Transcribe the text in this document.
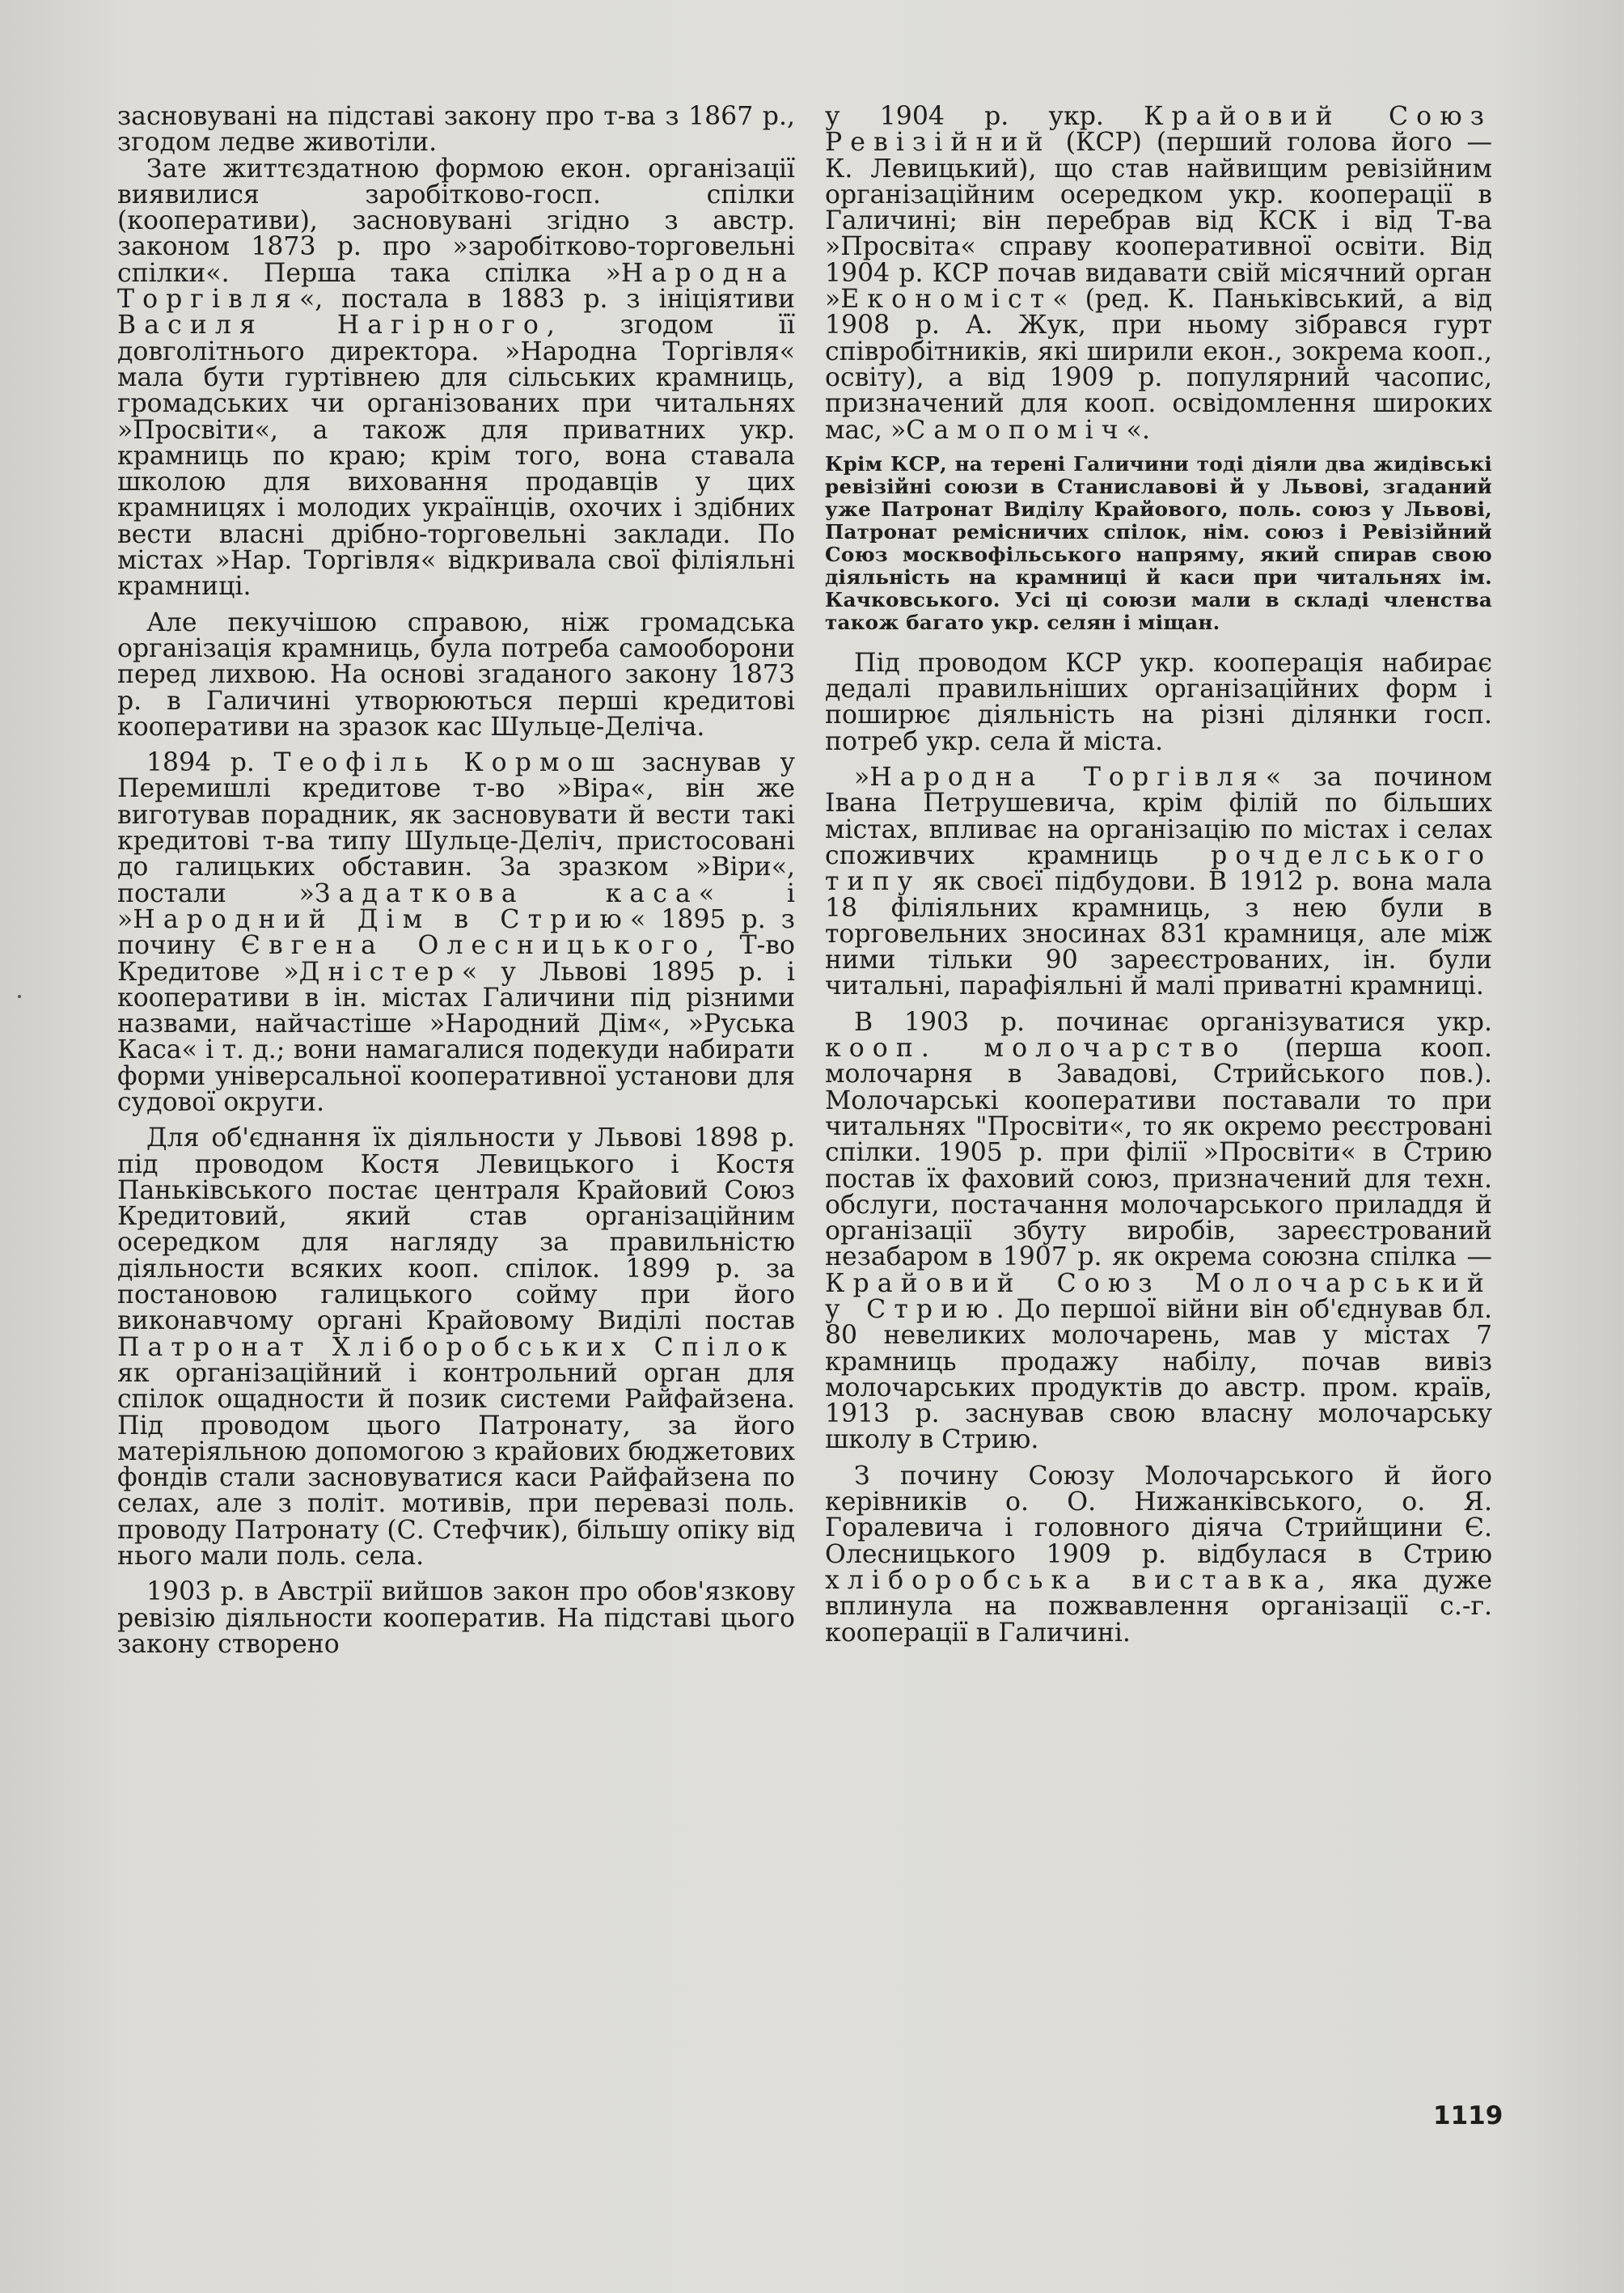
засновувані на підставі закону про т-ва з 1867 р., згодом ледве животіли.

Зате життєздатною формою екон. організації виявилися заробітково-госп. спілки (кооперативи), засновувані згідно з австр. законом 1873 р. про »заробітково-торговельні спілки«. Перша така спілка »Народна Торгівля«, постала в 1883 р. з ініціятиви Василя Нагірного, згодом її довголітнього директора. »Народна Торгівля« мала бути гуртівнею для сільських крамниць, громадських чи організованих при читальнях »Просвіти«, а також для приватних укр. крамниць по краю; крім того, вона ставала школою для виховання продавців у цих крамницях і молодих українців, охочих і здібних вести власні дрібно-торговельні заклади. По містах »Нар. Торгівля« відкривала свої філіяльні крамниці.

Але пекучішою справою, ніж громадська організація крамниць, була потреба самооборони перед лихвою. На основі згаданого закону 1873 р. в Галичині утворюються перші кредитові кооперативи на зразок кас Шульце-Деліча.

1894 р. Теофіль Кормош заснував у Перемишлі кредитове т-во »Віра«, він же виготував порадник, як засновувати й вести такі кредитові т-ва типу Шульце-Деліч, пристосовані до галицьких обставин. За зразком »Віри«, постали »Задаткова каса« і »Народний Дім в Стрию« 1895 р. з почину Євгена Олесницького, Т-во Кредитове »Дністер« у Львові 1895 р. і кооперативи в ін. містах Галичини під різними назвами, найчастіше »Народний Дім«, »Руська Каса« і т. д.; вони намагалися подекуди набирати форми універсальної кооперативної установи для судової округи.

Для об'єднання їх діяльности у Львові 1898 р. під проводом Костя Левицького і Костя Паньківського постає централя Крайовий Союз Кредитовий, який став організаційним осередком для нагляду за правильністю діяльности всяких кооп. спілок. 1899 р. за постановою галицького сойму при його виконавчому органі Крайовому Виділі постав Патронат Хліборобських Спілок як організаційний і контрольний орган для спілок ощадности й позик системи Райфайзена. Під проводом цього Патронату, за його матеріяльною допомогою з крайових бюджетових фондів стали засновуватися каси Райфайзена по селах, але з політ. мотивів, при перевазі поль. проводу Патронату (С. Стефчик), більшу опіку від нього мали поль. села.

1903 р. в Австрії вийшов закон про обов'язкову ревізію діяльности кооператив. На підставі цього закону створено

у 1904 р. укр. Крайовий Союз Ревізійний (КСР) (перший голова його — К. Левицький), що став найвищим ревізійним організаційним осередком укр. кооперації в Галичині; він перебрав від КСК і від Т-ва »Просвіта« справу кооперативної освіти. Від 1904 р. КСР почав видавати свій місячний орган »Економіст« (ред. К. Паньківський, а від 1908 р. А. Жук, при ньому зібрався гурт співробітників, які ширили екон., зокрема кооп., освіту), а від 1909 р. популярний часопис, призначений для кооп. освідомлення широких мас, »Самопоміч«.

Крім КСР, на терені Галичини тоді діяли два жидівські ревізійні союзи в Станиславові й у Львові, згаданий уже Патронат Виділу Крайового, поль. союз у Львові, Патронат ремісничих спілок, нім. союз і Ревізійний Союз москвофільського напряму, який спирав свою діяльність на крамниці й каси при читальнях ім. Качковського. Усі ці союзи мали в складі членства також багато укр. селян і міщан.

Під проводом КСР укр. кооперація набирає дедалі правильніших організаційних форм і поширює діяльність на різні ділянки госп. потреб укр. села й міста.

»Народна Торгівля« за почином Івана Петрушевича, крім філій по більших містах, впливає на організацію по містах і селах споживчих крамниць рочделського типу як своєї підбудови. В 1912 р. вона мала 18 філіяльних крамниць, з нею були в торговельних зносинах 831 крамниця, але між ними тільки 90 зареєстрованих, ін. були читальні, парафіяльні й малі приватні крамниці.

В 1903 р. починає організуватися укр. кооп. молочарство (перша кооп. молочарня в Завадові, Стрийського пов.). Молочарські кооперативи поставали то при читальнях "Просвіти«, то як окремо реєстровані спілки. 1905 р. при філії »Просвіти« в Стрию постав їх фаховий союз, призначений для техн. обслуги, постачання молочарського приладдя й організації збуту виробів, зареєстрований незабаром в 1907 р. як окрема союзна спілка — Крайовий Союз Молочарський у Стрию. До першої війни він об'єднував бл. 80 невеликих молочарень, мав у містах 7 крамниць продажу набілу, почав вивіз молочарських продуктів до австр. пром. країв, 1913 р. заснував свою власну молочарську школу в Стрию.

З почину Союзу Молочарського й його керівників о. О. Нижанківського, о. Я. Горалевича і головного діяча Стрийщини Є. Олесницького 1909 р. відбулася в Стрию хліборобська виставка, яка дуже вплинула на пожвавлення організації с.-г. кооперації в Галичині.

1119
